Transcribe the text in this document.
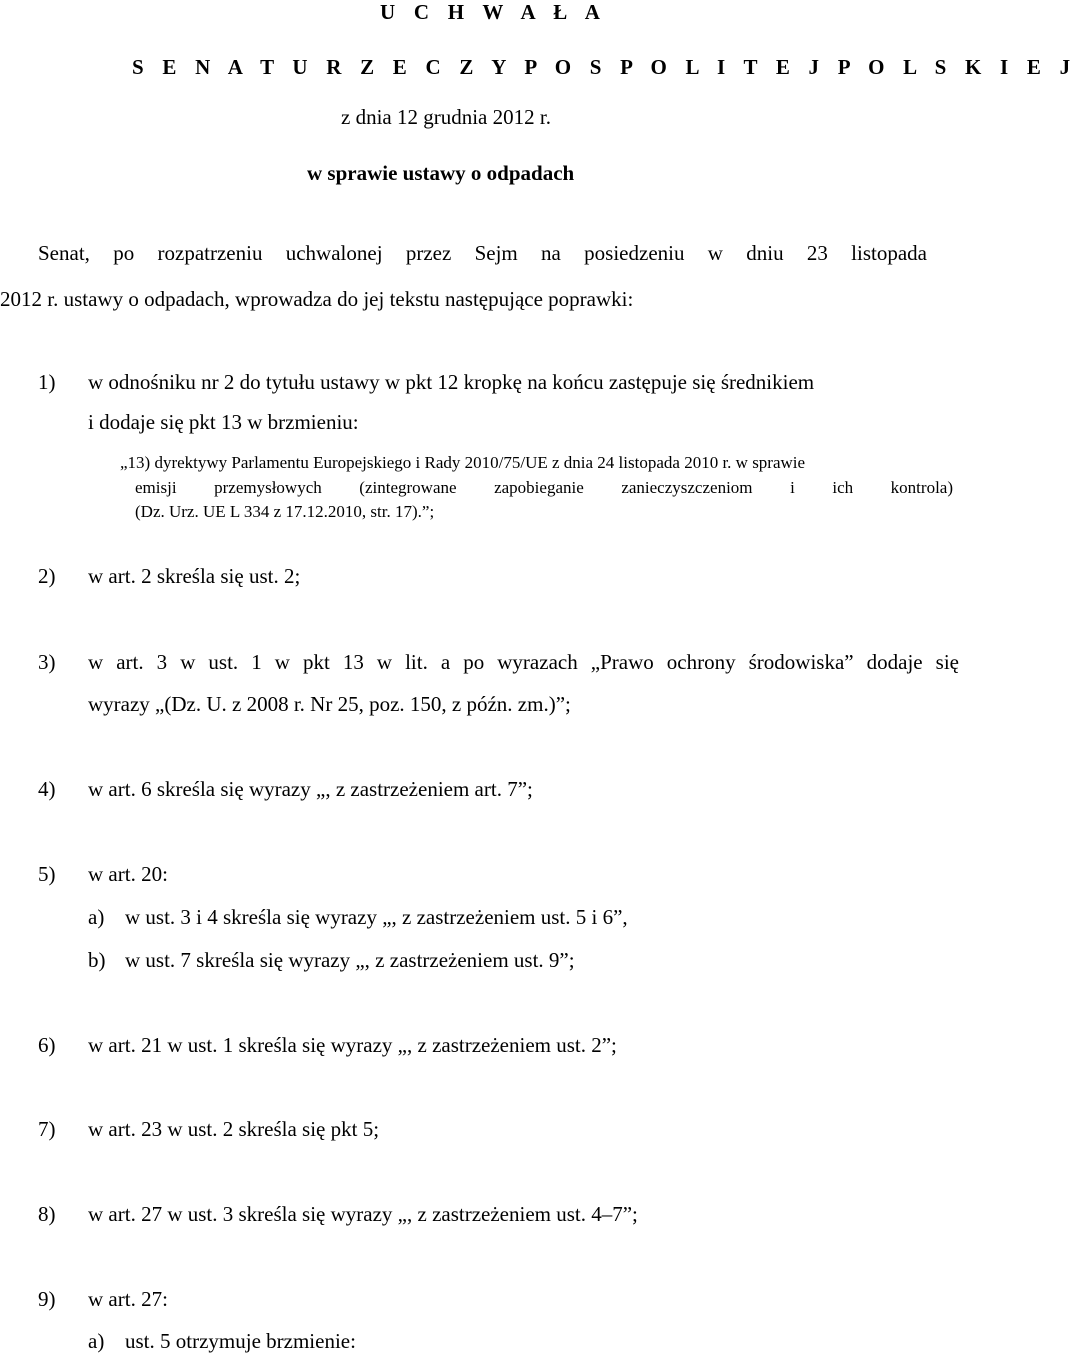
U C H W A Ł A
S E N A T U R Z E C Z Y P O S P O L I T E J P O L S K I E J
z dnia 12 grudnia 2012 r.
w sprawie ustawy o odpadach
Senat, po rozpatrzeniu uchwalonej przez Sejm na posiedzeniu w dniu 23 listopada
2012 r. ustawy o odpadach, wprowadza do jej tekstu następujące poprawki:
1) w odnośniku nr 2 do tytułu ustawy w pkt 12 kropkę na końcu zastępuje się średnikiem
i dodaje się pkt 13 w brzmieniu:
„13) dyrektywy Parlamentu Europejskiego i Rady 2010/75/UE z dnia 24 listopada 2010 r. w sprawie
emisji przemysłowych (zintegrowane zapobieganie zanieczyszczeniom i ich kontrola)
(Dz. Urz. UE L 334 z 17.12.2010, str. 17).”;
2) w art. 2 skreśla się ust. 2;
3) w art. 3 w ust. 1 w pkt 13 w lit. a po wyrazach „Prawo ochrony środowiska” dodaje się
wyrazy „(Dz. U. z 2008 r. Nr 25, poz. 150, z późn. zm.)”;
4) w art. 6 skreśla się wyrazy „, z zastrzeżeniem art. 7”;
5) w art. 20:
a) w ust. 3 i 4 skreśla się wyrazy „, z zastrzeżeniem ust. 5 i 6”,
b) w ust. 7 skreśla się wyrazy „, z zastrzeżeniem ust. 9”;
6) w art. 21 w ust. 1 skreśla się wyrazy „, z zastrzeżeniem ust. 2”;
7) w art. 23 w ust. 2 skreśla się pkt 5;
8) w art. 27 w ust. 3 skreśla się wyrazy „, z zastrzeżeniem ust. 4–7”;
9) w art. 27:
a) ust. 5 otrzymuje brzmienie:
